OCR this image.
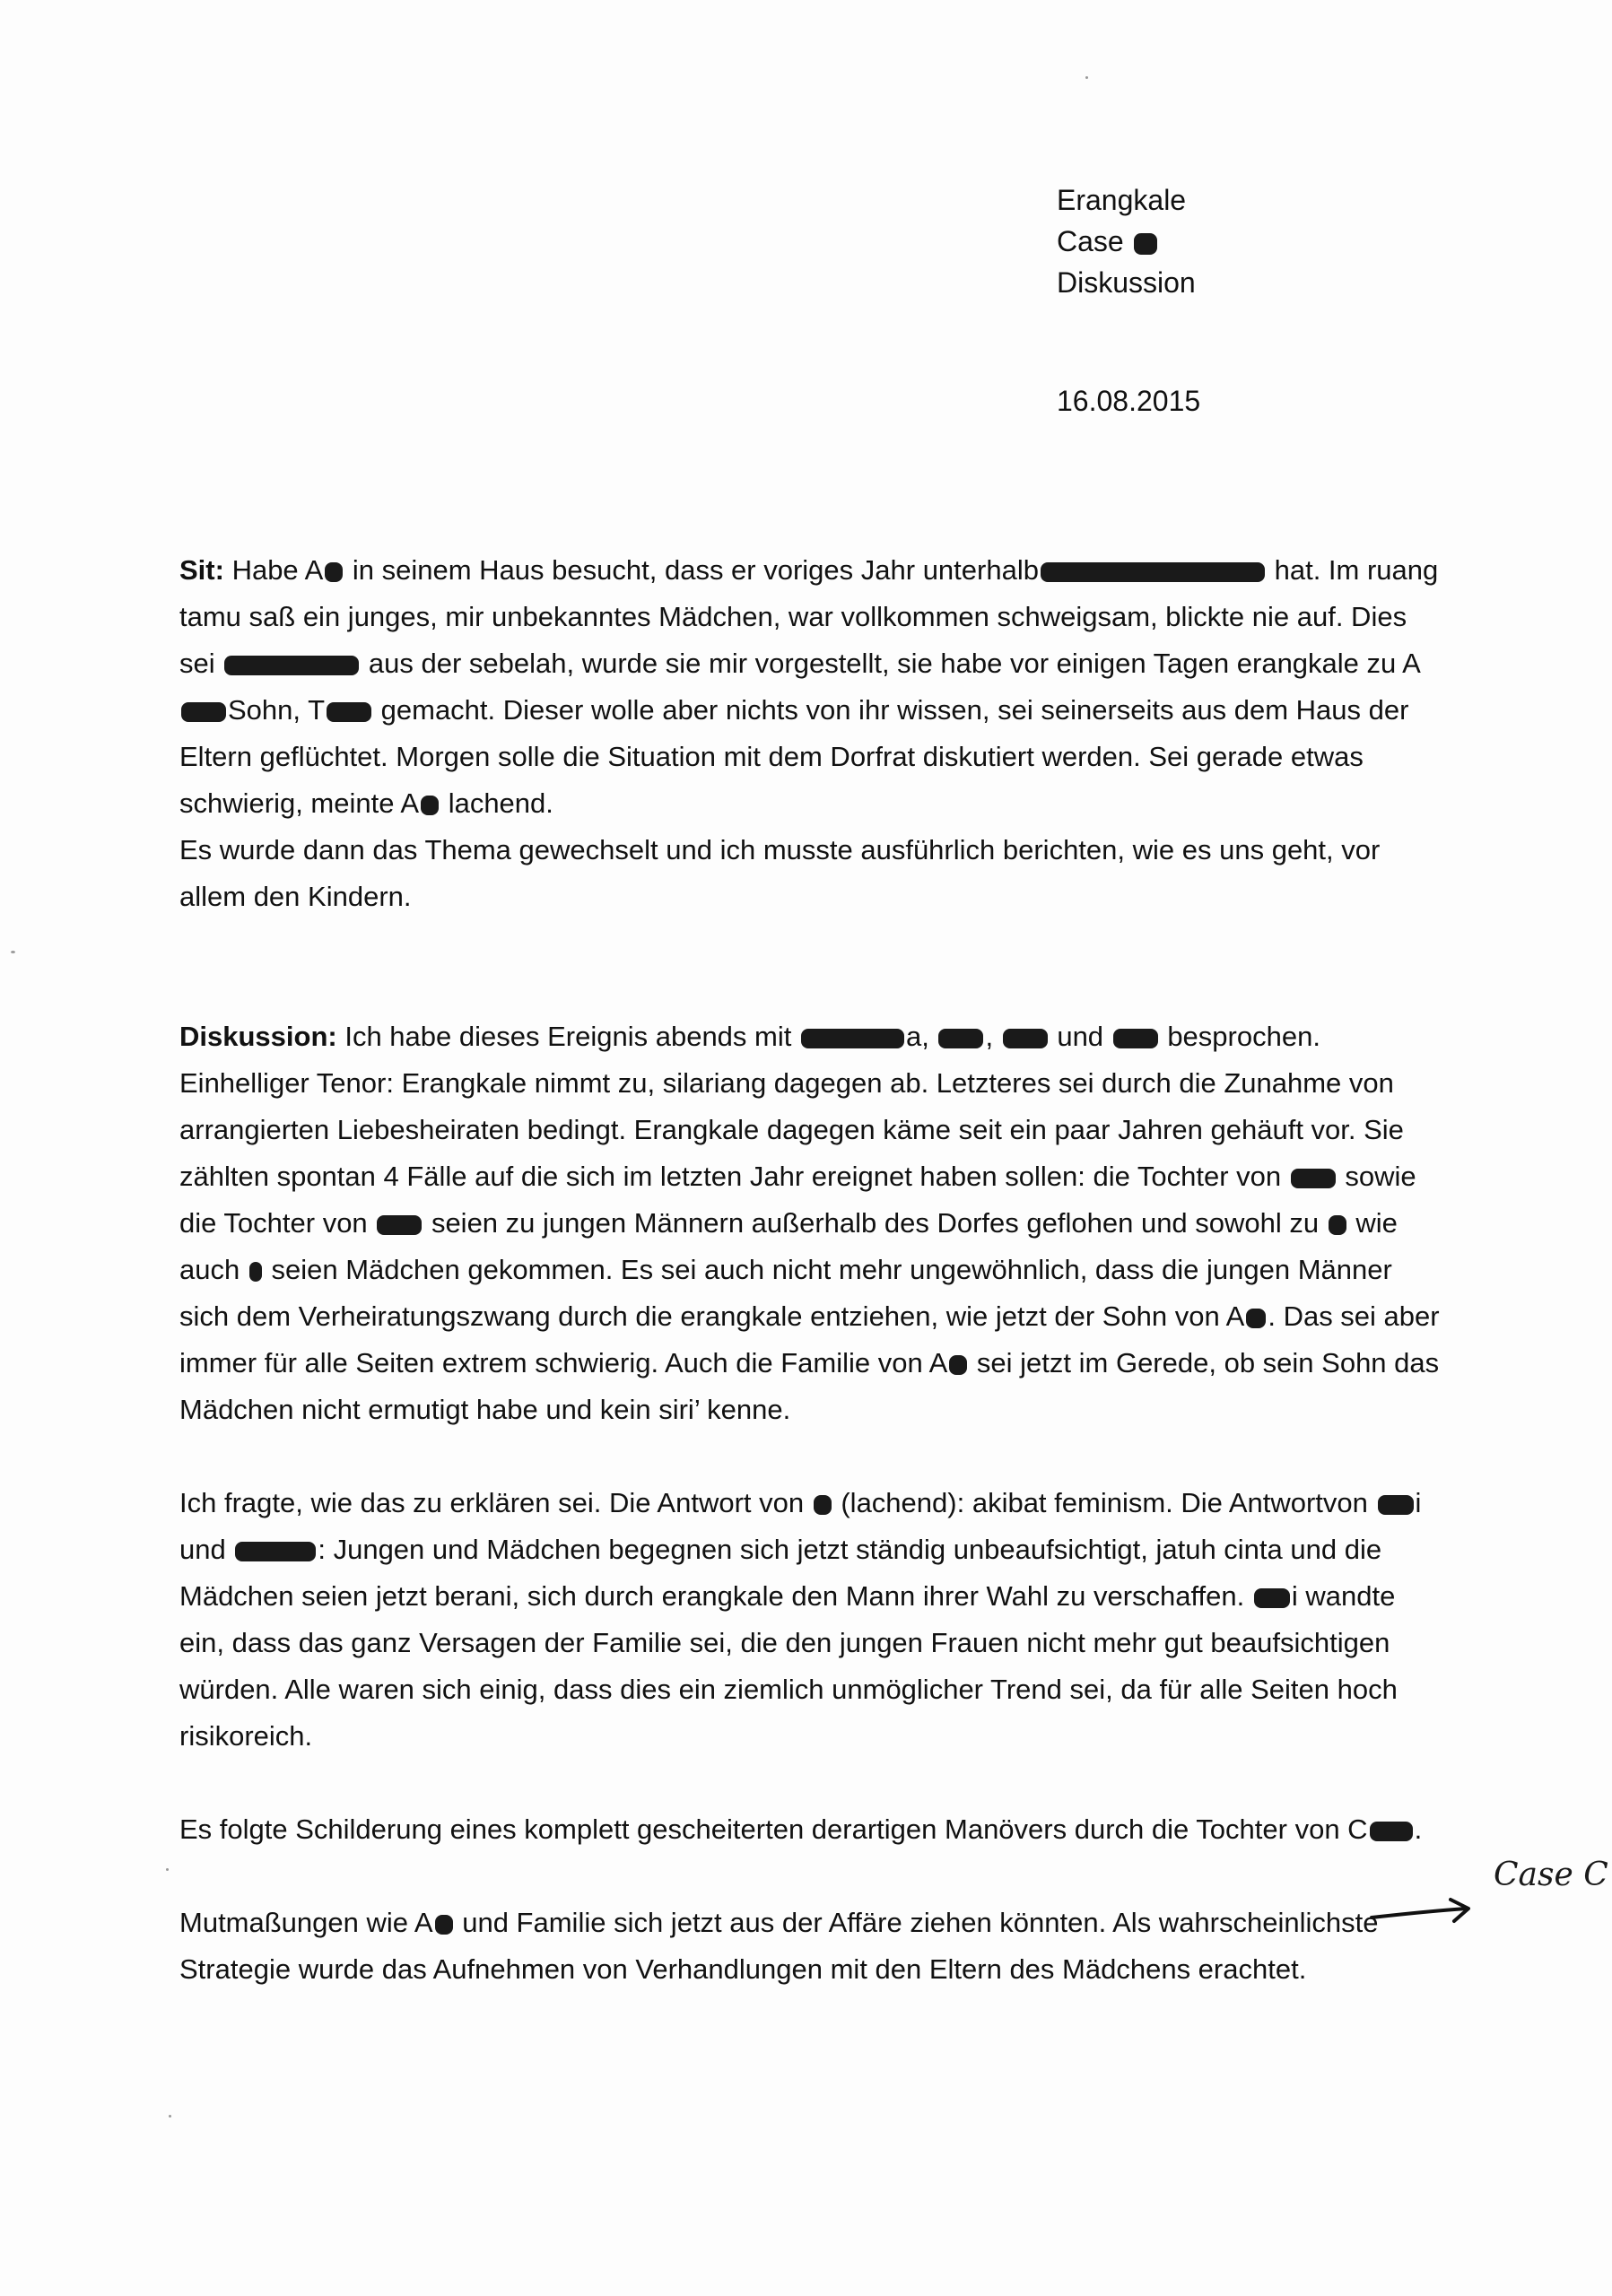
Erangkale
Case
Diskussion
16.08.2015

Sit: Habe A in seinem Haus besucht, dass er voriges Jahr unterhalb	hat. Im ruang tamu saß ein junges, mir unbekanntes Mädchen, war vollkommen schweigsam, blickte nie auf. Dies sei	aus der sebelah, wurde sie mir vorgestellt, sie habe vor einigen Tagen erangkale zu ASohn, T gemacht. Dieser wolle aber nichts von ihr wissen, sei seinerseits aus dem Haus der Eltern geflüchtet. Morgen solle die Situation mit dem Dorfrat diskutiert werden. Sei gerade etwas schwierig, meinte A lachend.

Es wurde dann das Thema gewechselt und ich musste ausführlich berichten, wie es uns geht, vor allem den Kindern.

Diskussion: Ich habe dieses Ereignis abends mit	a, ,  und besprochen. Einhelliger Tenor: Erangkale nimmt zu, silariang dagegen ab. Letzteres sei durch die Zunahme von arrangierten Liebesheiraten bedingt. Erangkale dagegen käme seit ein paar Jahren gehäuft vor. Sie zählten spontan 4 Fälle auf die sich im letzten Jahr ereignet haben sollen: die Tochter von sowie die Tochter von seien zu jungen Männern außerhalb des Dorfes geflohen und sowohl zu wie auch seien Mädchen gekommen. Es sei auch nicht mehr ungewöhnlich, dass die jungen Männer sich dem Verheiratungszwang durch die erangkale entziehen, wie jetzt der Sohn von A . Das sei aber immer für alle Seiten extrem schwierig. Auch die Familie von A sei jetzt im Gerede, ob sein Sohn das Mädchen nicht ermutigt habe und kein siri’ kenne.

Ich fragte, wie das zu erklären sei. Die Antwort von (lachend): akibat feminism. Die Antwortvon i und	: Jungen und Mädchen begegnen sich jetzt ständig unbeaufsichtigt, jatuh cinta und die Mädchen seien jetzt berani, sich durch erangkale den Mann ihrer Wahl zu verschaffen. i wandte ein, dass das ganz Versagen der Familie sei, die den jungen Frauen nicht mehr gut beaufsichtigen würden. Alle waren sich einig, dass dies ein ziemlich unmöglicher Trend sei, da für alle Seiten hoch risikoreich.

Es folgte Schilderung eines komplett gescheiterten derartigen Manövers durch die Tochter von C .

Mutmaßungen wie A und Familie sich jetzt aus der Affäre ziehen könnten. Als wahrscheinlichste Strategie wurde das Aufnehmen von Verhandlungen mit den Eltern des Mädchens erachtet.

Case C
